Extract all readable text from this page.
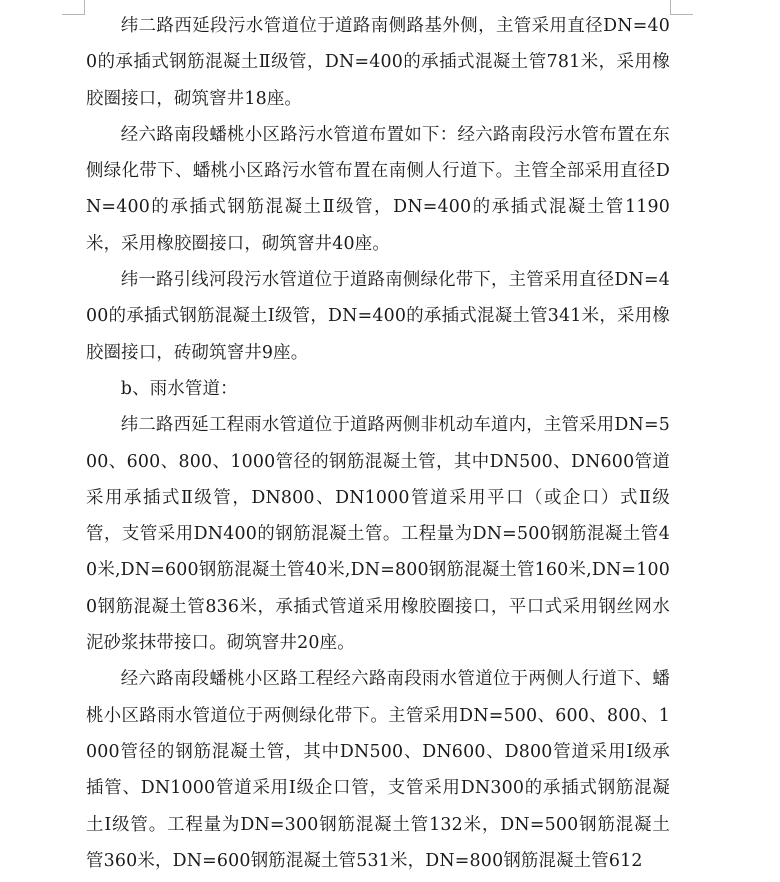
纬二路西延段污水管道位于道路南侧路基外侧，主管采用直径DN=400的承插式钢筋混凝土Ⅱ级管，DN=400的承插式混凝土管781米，采用橡胶圈接口，砌筑窨井18座。

经六路南段蟠桃小区路污水管道布置如下：经六路南段污水管布置在东侧绿化带下、蟠桃小区路污水管布置在南侧人行道下。主管全部采用直径DN=400的承插式钢筋混凝土Ⅱ级管，DN=400的承插式混凝土管1190米，采用橡胶圈接口，砌筑窨井40座。

纬一路引线河段污水管道位于道路南侧绿化带下，主管采用直径DN=400的承插式钢筋混凝土Ⅰ级管，DN=400的承插式混凝土管341米，采用橡胶圈接口，砖砌筑窨井9座。

b、雨水管道：

纬二路西延工程雨水管道位于道路两侧非机动车道内，主管采用DN=500、600、800、1000管径的钢筋混凝土管，其中DN500、DN600管道采用承插式Ⅱ级管，DN800、DN1000管道采用平口（或企口）式Ⅱ级管，支管采用DN400的钢筋混凝土管。工程量为DN=500钢筋混凝土管40米,DN=600钢筋混凝土管40米,DN=800钢筋混凝土管160米,DN=1000钢筋混凝土管836米，承插式管道采用橡胶圈接口，平口式采用钢丝网水泥砂浆抹带接口。砌筑窨井20座。

经六路南段蟠桃小区路工程经六路南段雨水管道位于两侧人行道下、蟠桃小区路雨水管道位于两侧绿化带下。主管采用DN=500、600、800、1000管径的钢筋混凝土管，其中DN500、DN600、D800管道采用Ⅰ级承插管、DN1000管道采用Ⅰ级企口管，支管采用DN300的承插式钢筋混凝土Ⅰ级管。工程量为DN=300钢筋混凝土管132米，DN=500钢筋混凝土管360米，DN=600钢筋混凝土管531米，DN=800钢筋混凝土管612
